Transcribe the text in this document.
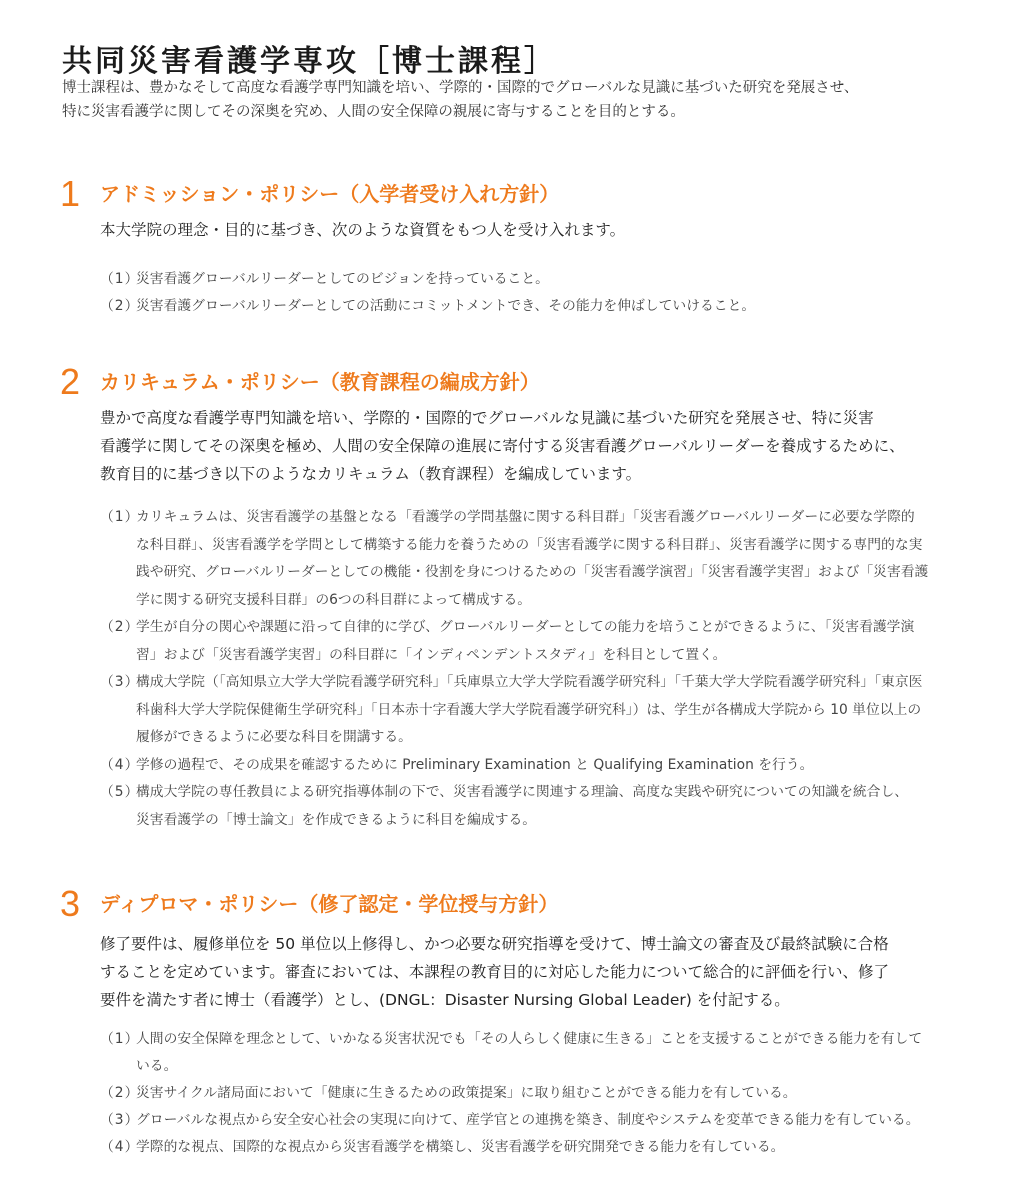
共同災害看護学専攻［博士課程］
博士課程は、豊かなそして高度な看護学専門知識を培い、学際的・国際的でグローバルな見識に基づいた研究を発展させ、
特に災害看護学に関してその深奥を究め、人間の安全保障の親展に寄与することを目的とする。
1 アドミッション・ポリシー（入学者受け入れ方針）
本大学院の理念・目的に基づき、次のような資質をもつ人を受け入れます。
（1）
災害看護グローバルリーダーとしてのビジョンを持っていること。
（2）
災害看護グローバルリーダーとしての活動にコミットメントでき、その能力を伸ばしていけること。
2 カリキュラム・ポリシー（教育課程の編成方針）
豊かで高度な看護学専門知識を培い、学際的・国際的でグローバルな見識に基づいた研究を発展させ、特に災害
看護学に関してその深奥を極め、人間の安全保障の進展に寄付する災害看護グローバルリーダーを養成するために、
教育目的に基づき以下のようなカリキュラム（教育課程）を編成しています。
（1）
カリキュラムは、災害看護学の基盤となる「看護学の学問基盤に関する科目群」「災害看護グローバルリーダーに必要な学際的
な科目群」、災害看護学を学問として構築する能力を養うための「災害看護学に関する科目群」、災害看護学に関する専門的な実
践や研究、グローバルリーダーとしての機能・役割を身につけるための「災害看護学演習」「災害看護学実習」および「災害看護
学に関する研究支援科目群」の6つの科目群によって構成する。
（2）
学生が自分の関心や課題に沿って自律的に学び、グローバルリーダーとしての能力を培うことができるように、「災害看護学演
習」および「災害看護学実習」の科目群に「インディペンデントスタディ」を科目として置く。
（3）
構成大学院（「高知県立大学大学院看護学研究科」「兵庫県立大学大学院看護学研究科」「千葉大学大学院看護学研究科」「東京医
科歯科大学大学院保健衛生学研究科」「日本赤十字看護大学大学院看護学研究科」）は、学生が各構成大学院から 10 単位以上の
履修ができるように必要な科目を開講する。
（4）
学修の過程で、その成果を確認するために Preliminary Examination と Qualifying Examination を行う。
（5）
構成大学院の専任教員による研究指導体制の下で、災害看護学に関連する理論、高度な実践や研究についての知識を統合し、
災害看護学の「博士論文」を作成できるように科目を編成する。
3 ディプロマ・ポリシー（修了認定・学位授与方針）
修了要件は、履修単位を 50 単位以上修得し、かつ必要な研究指導を受けて、博士論文の審査及び最終試験に合格
することを定めています。審査においては、本課程の教育目的に対応した能力について総合的に評価を行い、修了
要件を満たす者に博士（看護学）とし、(DNGL：Disaster Nursing Global Leader) を付記する。
（1）
人間の安全保障を理念として、いかなる災害状況でも「その人らしく健康に生きる」ことを支援することができる能力を有して
いる。
（2）
災害サイクル諸局面において「健康に生きるための政策提案」に取り組むことができる能力を有している。
（3）
グローバルな視点から安全安心社会の実現に向けて、産学官との連携を築き、制度やシステムを変革できる能力を有している。
（4）
学際的な視点、国際的な視点から災害看護学を構築し、災害看護学を研究開発できる能力を有している。
